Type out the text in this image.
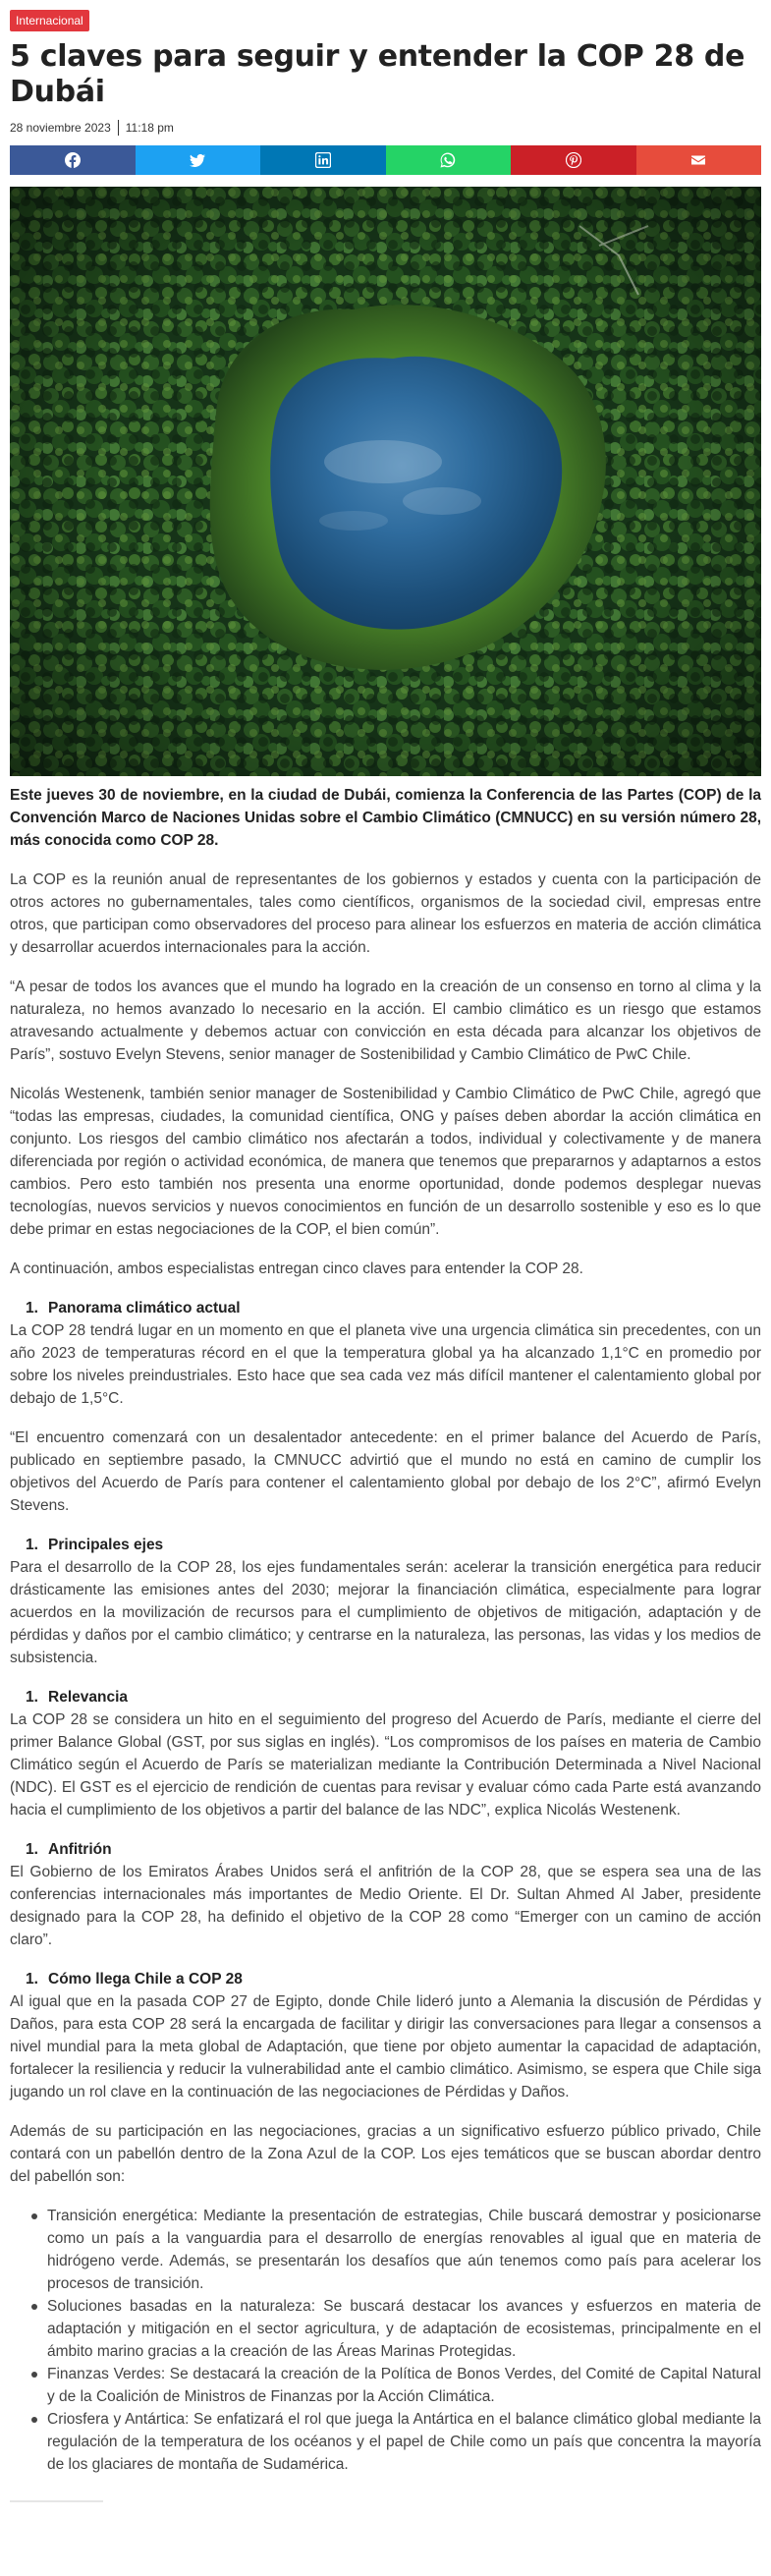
Internacional
5 claves para seguir y entender la COP 28 de Dubái
28 noviembre 2023 11:18 pm

Este jueves 30 de noviembre, en la ciudad de Dubái, comienza la Conferencia de las Partes (COP) de la Convención Marco de Naciones Unidas sobre el Cambio Climático (CMNUCC) en su versión número 28, más conocida como COP 28.

La COP es la reunión anual de representantes de los gobiernos y estados y cuenta con la participación de otros actores no gubernamentales, tales como científicos, organismos de la sociedad civil, empresas entre otros, que participan como observadores del proceso para alinear los esfuerzos en materia de acción climática y desarrollar acuerdos internacionales para la acción.

“A pesar de todos los avances que el mundo ha logrado en la creación de un consenso en torno al clima y la naturaleza, no hemos avanzado lo necesario en la acción. El cambio climático es un riesgo que estamos atravesando actualmente y debemos actuar con convicción en esta década para alcanzar los objetivos de París”, sostuvo Evelyn Stevens, senior manager de Sostenibilidad y Cambio Climático de PwC Chile.

Nicolás Westenenk, también senior manager de Sostenibilidad y Cambio Climático de PwC Chile, agregó que “todas las empresas, ciudades, la comunidad científica, ONG y países deben abordar la acción climática en conjunto. Los riesgos del cambio climático nos afectarán a todos, individual y colectivamente y de manera diferenciada por región o actividad económica, de manera que tenemos que prepararnos y adaptarnos a estos cambios. Pero esto también nos presenta una enorme oportunidad, donde podemos desplegar nuevas tecnologías, nuevos servicios y nuevos conocimientos en función de un desarrollo sostenible y eso es lo que debe primar en estas negociaciones de la COP, el bien común”.

A continuación, ambos especialistas entregan cinco claves para entender la COP 28.

1. Panorama climático actual
La COP 28 tendrá lugar en un momento en que el planeta vive una urgencia climática sin precedentes, con un año 2023 de temperaturas récord en el que la temperatura global ya ha alcanzado 1,1°C en promedio por sobre los niveles preindustriales. Esto hace que sea cada vez más difícil mantener el calentamiento global por debajo de 1,5°C.

“El encuentro comenzará con un desalentador antecedente: en el primer balance del Acuerdo de París, publicado en septiembre pasado, la CMNUCC advirtió que el mundo no está en camino de cumplir los objetivos del Acuerdo de París para contener el calentamiento global por debajo de los 2°C”, afirmó Evelyn Stevens.

1. Principales ejes
Para el desarrollo de la COP 28, los ejes fundamentales serán: acelerar la transición energética para reducir drásticamente las emisiones antes del 2030; mejorar la financiación climática, especialmente para lograr acuerdos en la movilización de recursos para el cumplimiento de objetivos de mitigación, adaptación y de pérdidas y daños por el cambio climático; y centrarse en la naturaleza, las personas, las vidas y los medios de subsistencia.
1. Relevancia
La COP 28 se considera un hito en el seguimiento del progreso del Acuerdo de París, mediante el cierre del primer Balance Global (GST, por sus siglas en inglés). “Los compromisos de los países en materia de Cambio Climático según el Acuerdo de París se materializan mediante la Contribución Determinada a Nivel Nacional (NDC). El GST es el ejercicio de rendición de cuentas para revisar y evaluar cómo cada Parte está avanzando hacia el cumplimiento de los objetivos a partir del balance de las NDC”, explica Nicolás Westenenk.
1. Anfitrión
El Gobierno de los Emiratos Árabes Unidos será el anfitrión de la COP 28, que se espera sea una de las conferencias internacionales más importantes de Medio Oriente. El Dr. Sultan Ahmed Al Jaber, presidente designado para la COP 28, ha definido el objetivo de la COP 28 como “Emerger con un camino de acción claro”.
1. Cómo llega Chile a COP 28
Al igual que en la pasada COP 27 de Egipto, donde Chile lideró junto a Alemania la discusión de Pérdidas y Daños, para esta COP 28 será la encargada de facilitar y dirigir las conversaciones para llegar a consensos a nivel mundial para la meta global de Adaptación, que tiene por objeto aumentar la capacidad de adaptación, fortalecer la resiliencia y reducir la vulnerabilidad ante el cambio climático. Asimismo, se espera que Chile siga jugando un rol clave en la continuación de las negociaciones de Pérdidas y Daños.

Además de su participación en las negociaciones, gracias a un significativo esfuerzo público privado, Chile contará con un pabellón dentro de la Zona Azul de la COP. Los ejes temáticos que se buscan abordar dentro del pabellón son:

Transición energética: Mediante la presentación de estrategias, Chile buscará demostrar y posicionarse como un país a la vanguardia para el desarrollo de energías renovables al igual que en materia de hidrógeno verde. Además, se presentarán los desafíos que aún tenemos como país para acelerar los procesos de transición.
Soluciones basadas en la naturaleza: Se buscará destacar los avances y esfuerzos en materia de adaptación y mitigación en el sector agricultura, y de adaptación de ecosistemas, principalmente en el ámbito marino gracias a la creación de las Áreas Marinas Protegidas.
Finanzas Verdes: Se destacará la creación de la Política de Bonos Verdes, del Comité de Capital Natural y de la Coalición de Ministros de Finanzas por la Acción Climática.
Criosfera y Antártica: Se enfatizará el rol que juega la Antártica en el balance climático global mediante la regulación de la temperatura de los océanos y el papel de Chile como un país que concentra la mayoría de los glaciares de montaña de Sudamérica.
